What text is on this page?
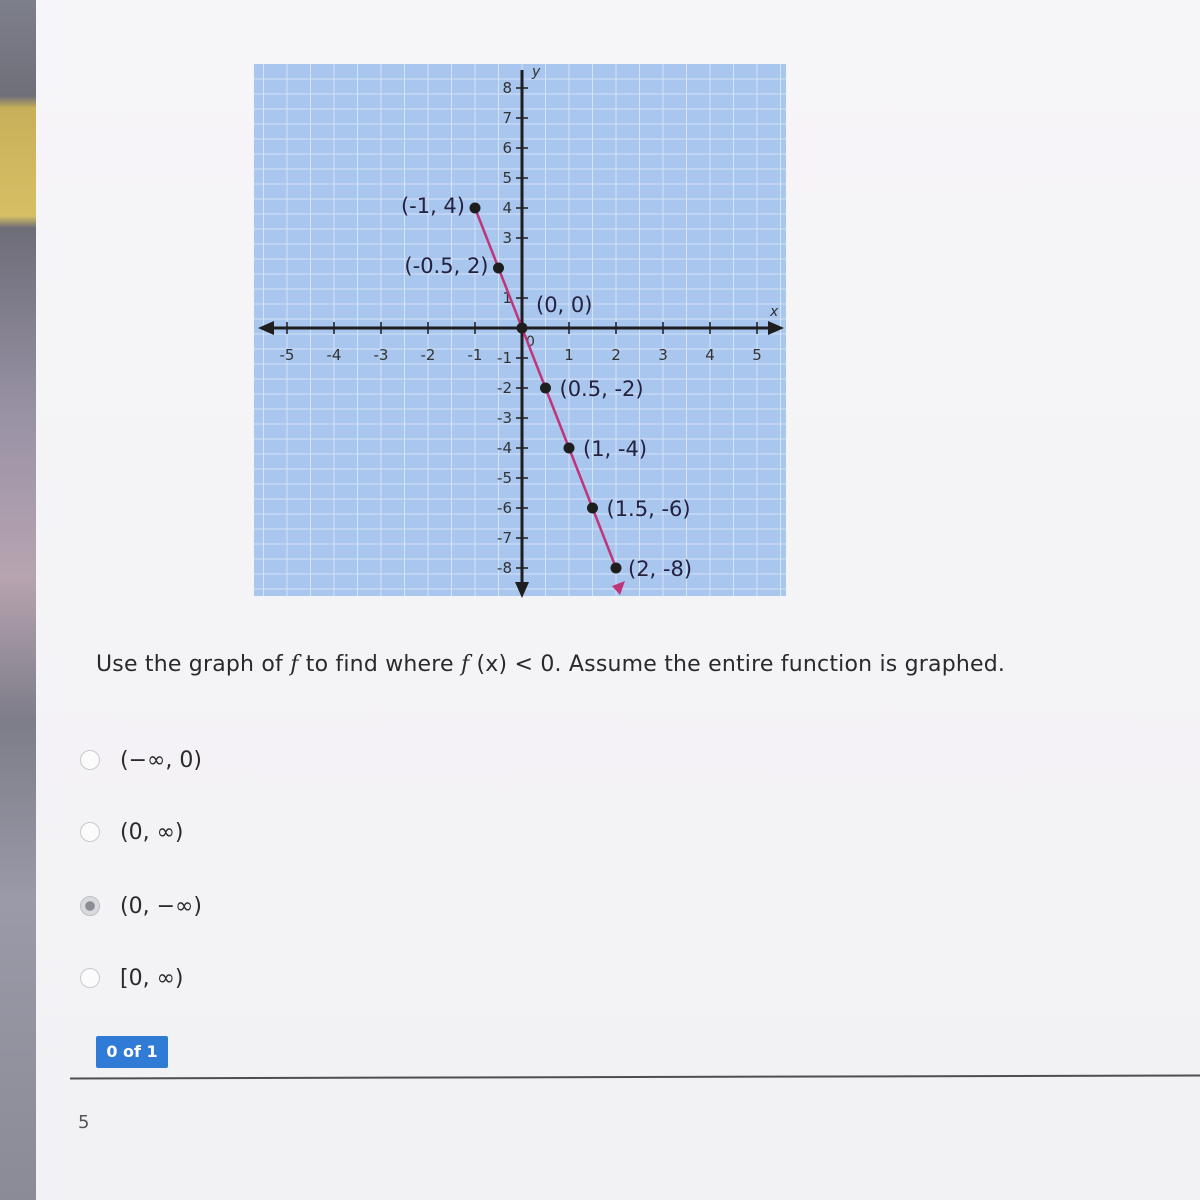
-5 -4 -3 -2 -1	1 2 3 4 5
8
7
6
5
4
3
1
-1
-2
-3
-4
-5
-6
-7
-8
0
x
y
(-1, 4)
(-0.5, 2)
(0, 0)
(0.5, -2)
(1, -4)
(1.5, -6)
(2, -8)
Use the graph of f to find where f (x) < 0. Assume the entire function is graphed.
(−∞, 0)
(0, ∞)
(0, −∞)
[0, ∞)
0 of 1
5
